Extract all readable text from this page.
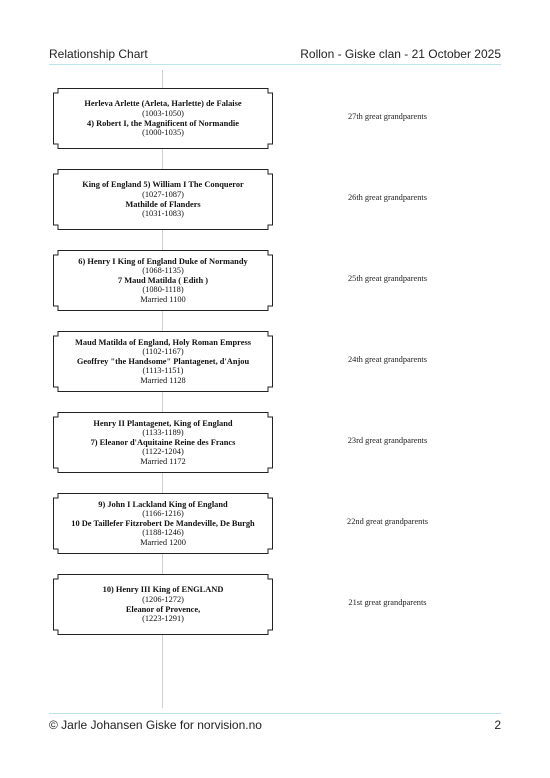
Relationship Chart	Rollon - Giske clan - 21 October 2025
Herleva Arlette (Arleta, Harlette) de Falaise
(1003-1050)
4) Robert I, the Magnificent of Normandie
(1000-1035)
27th great grandparents
King of England 5) William I The Conqueror
(1027-1087)
Mathilde of Flanders
(1031-1083)
26th great grandparents
6) Henry I King of England Duke of Normandy
(1068-1135)
7 Maud Matilda ( Edith )
(1080-1118)
Married 1100
25th great grandparents
Maud Matilda of England, Holy Roman Empress
(1102-1167)
Geoffrey "the Handsome" Plantagenet, d'Anjou
(1113-1151)
Married 1128
24th great grandparents
Henry II Plantagenet, King of England
(1133-1189)
7) Eleanor d'Aquitaine Reine des Francs
(1122-1204)
Married 1172
23rd great grandparents
9) John I Lackland King of England
(1166-1216)
10 De Taillefer Fitzrobert De Mandeville, De Burgh
(1188-1246)
Married 1200
22nd great grandparents
10) Henry III King of ENGLAND
(1206-1272)
Eleanor of Provence,
(1223-1291)
21st great grandparents
© Jarle Johansen Giske for norvision.no	2
